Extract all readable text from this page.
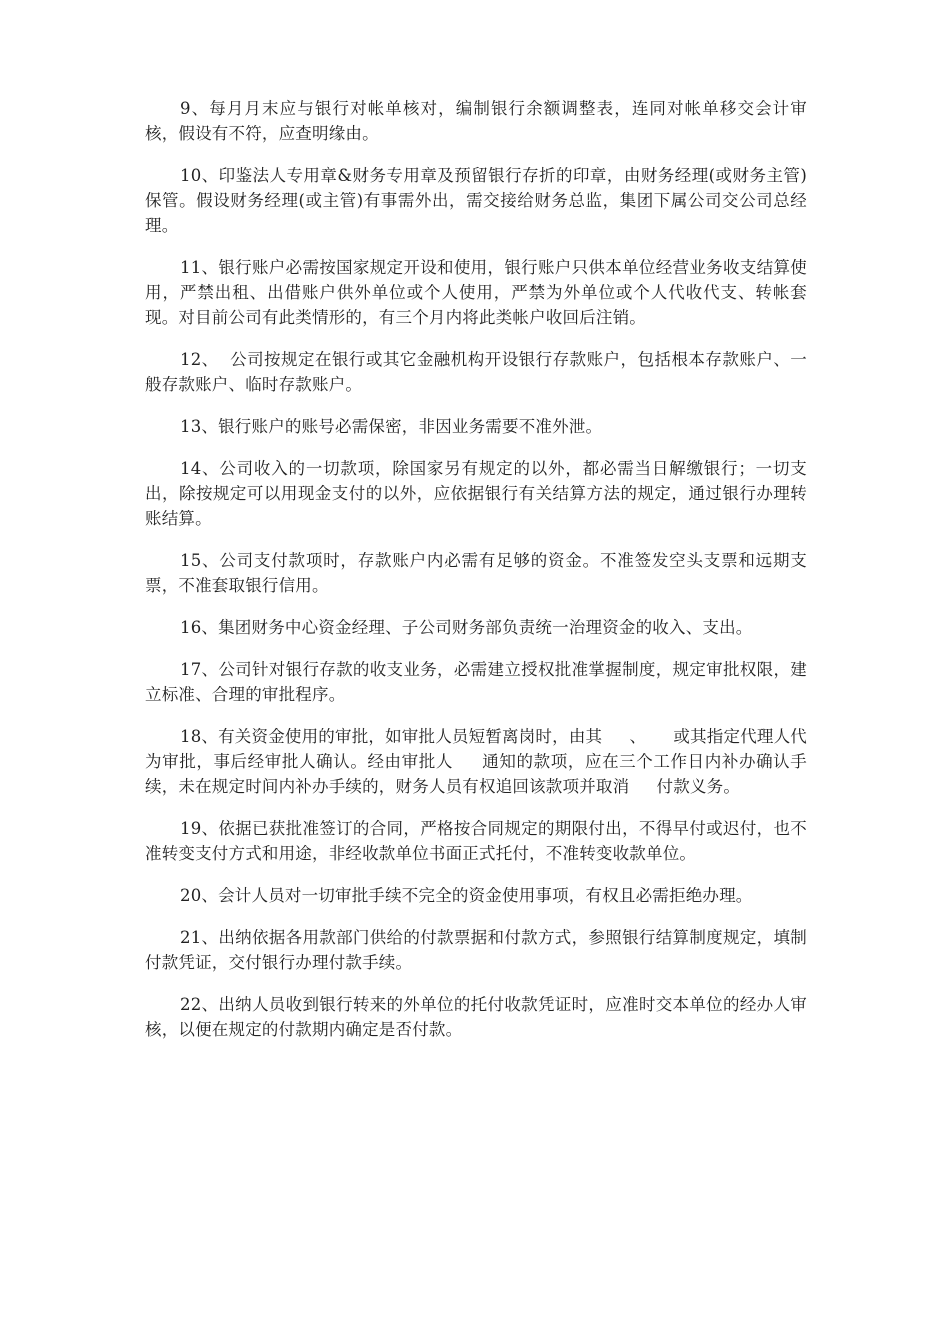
9、每月月末应与银行对帐单核对，编制银行余额调整表，连同对帐单移交会计审核，假设有不符，应查明缘由。

10、印鉴法人专用章&财务专用章及预留银行存折的印章，由财务经理(或财务主管)保管。假设财务经理(或主管)有事需外出，需交接给财务总监，集团下属公司交公司总经理。

11、银行账户必需按国家规定开设和使用，银行账户只供本单位经营业务收支结算使用，严禁出租、出借账户供外单位或个人使用，严禁为外单位或个人代收代支、转帐套现。对目前公司有此类情形的，有三个月内将此类帐户收回后注销。

12、  公司按规定在银行或其它金融机构开设银行存款账户，包括根本存款账户、一般存款账户、临时存款账户。

13、银行账户的账号必需保密，非因业务需要不准外泄。

14、公司收入的一切款项，除国家另有规定的以外，都必需当日解缴银行；一切支出，除按规定可以用现金支付的以外，应依据银行有关结算方法的规定，通过银行办理转账结算。

15、公司支付款项时，存款账户内必需有足够的资金。不准签发空头支票和远期支票，不准套取银行信用。

16、集团财务中心资金经理、子公司财务部负责统一治理资金的收入、支出。

17、公司针对银行存款的收支业务，必需建立授权批准掌握制度，规定审批权限，建立标准、合理的审批程序。

18、有关资金使用的审批，如审批人员短暂离岗时，由其     、     或其指定代理人代为审批，事后经审批人确认。经由审批人     通知的款项，应在三个工作日内补办确认手续，未在规定时间内补办手续的，财务人员有权追回该款项并取消     付款义务。

19、依据已获批准签订的合同，严格按合同规定的期限付出，不得早付或迟付，也不准转变支付方式和用途，非经收款单位书面正式托付，不准转变收款单位。

20、会计人员对一切审批手续不完全的资金使用事项，有权且必需拒绝办理。

21、出纳依据各用款部门供给的付款票据和付款方式，参照银行结算制度规定，填制付款凭证，交付银行办理付款手续。

22、出纳人员收到银行转来的外单位的托付收款凭证时，应准时交本单位的经办人审核，以便在规定的付款期内确定是否付款。
